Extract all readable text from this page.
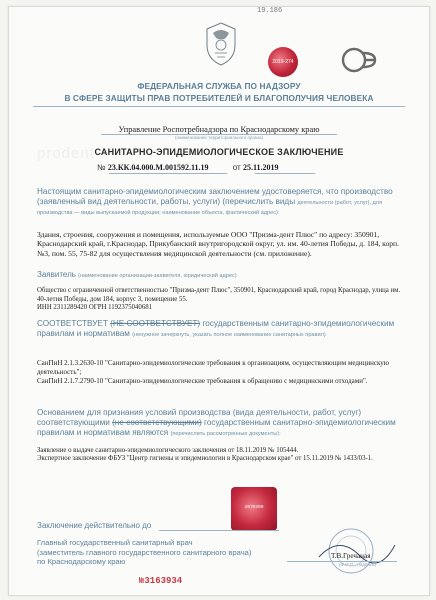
19.186
2019-274
ФЕДЕРАЛЬНАЯ СЛУЖБА ПО НАДЗОРУ
В СФЕРЕ ЗАЩИТЫ ПРАВ ПОТРЕБИТЕЛЕЙ И БЛАГОПОЛУЧИЯ ЧЕЛОВЕКА
Управление Роспотребнадзора по Краснодарскому краю
(наименование территориального органа)
prodent САНИТАРНО-ЭПИДЕМИОЛОГИЧЕСКОЕ ЗАКЛЮЧЕНИЕ
№ 23.КК.04.000.М.001592.11.19	от 25.11.2019
Настоящим санитарно-эпидемиологическим заключением удостоверяется, что производство (заявленный вид деятельности, работы, услуги) (перечислить виды деятельности (работ, услуг), для производства — виды выпускаемой продукции; наименование объекта, фактический адрес):
Здания, строения, сооружения и помещения, используемые ООО "Призма-дент Плюс" по адресу: 350901, Краснодарский край, г.Краснодар, Прикубанский внутригородской округ, ул. им. 40-летия Победы, д. 184, корп. №3, пом. 55, 75-82 для осуществления медицинской деятельности (см. приложение).
Заявитель (наименование организации-заявителя, юридический адрес)
Общество с ограниченной ответственностью "Призма-дент Плюс", 350901, Краснодарский край, город Краснодар, улица им. 40-летия Победы, дом 184, корпус 3, помещение 55.
ИНН 2311289420 ОГРН 1192375040681
СООТВЕТСТВУЕТ (НЕ СООТВЕТСТВУЕТ) государственным санитарно-эпидемиологическим правилам и нормативам (ненужное зачеркнуть, указать полное наименование санитарных правил)
СанПиН 2.1.3.2630-10 "Санитарно-эпидемиологические требования к организациям, осуществляющим медицинскую деятельность";
СанПиН 2.1.7.2790-10 "Санитарно-эпидемиологические требования к обращению с медицинскими отходами".
Основанием для признания условий производства (вида деятельности, работ, услуг) соответствующими (не соответствующими) государственным санитарно-эпидемиологическим правилам и нормативам являются (перечислить рассмотренные документы):
Заявление о выдаче санитарно-эпидемиологического заключения от 18.11.2019 № 105444.
Экспертное заключение ФБУЗ "Центр гигиены и эпидемиологии в Краснодарском крае" от 15.11.2019 № 1433/03-1.
4679290
Заключение действительно до
Главный государственный санитарный врач
(заместитель главного государственного санитарного врача)
по Краснодарскому краю
Т.В.Гречаная
(Ф.И.О., подпись)
№3163934
